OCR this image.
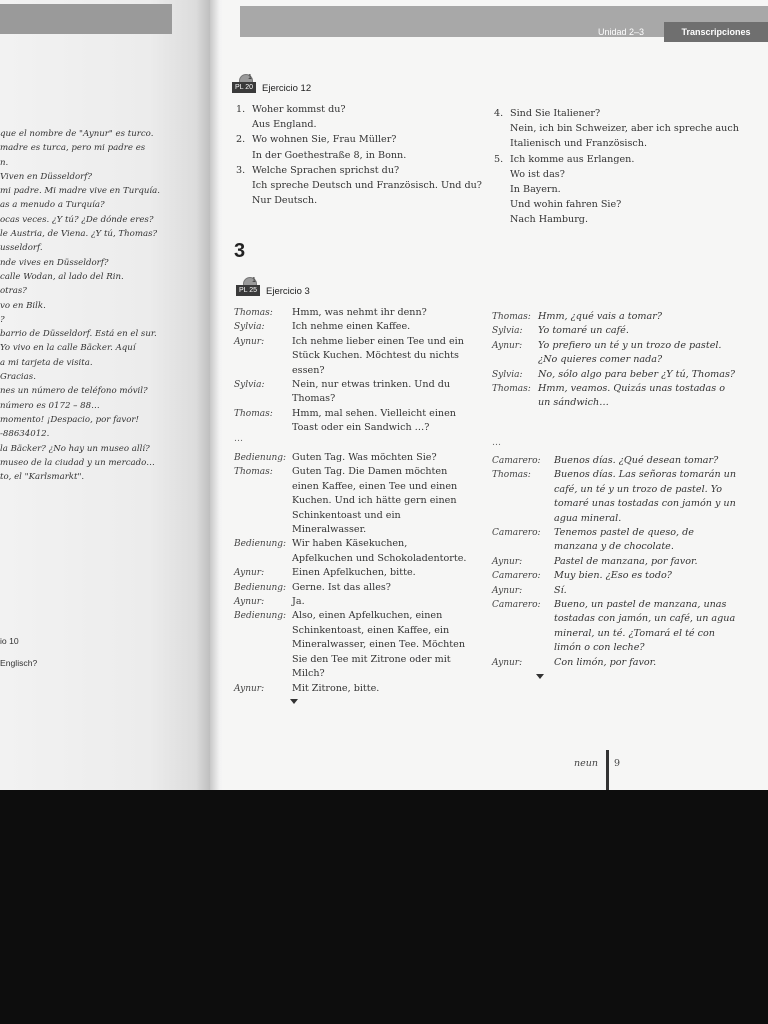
que el nombre de "Aynur" es turco.
madre es turca, pero mi padre es
n.
Viven en Düsseldorf?
mi padre. Mi madre vive en Turquía.
as a menudo a Turquía?
ocas veces. ¿Y tú? ¿De dónde eres?
le Austria, de Viena. ¿Y tú, Thomas?
usseldorf.
nde vives en Düsseldorf?
calle Wodan, al lado del Rin.
otras?
vo en Bilk.
?
barrio de Düsseldorf. Está en el sur.
Yo vivo en la calle Bäcker. Aquí
a mi tarjeta de visita.
Gracias.
nes un número de teléfono móvil?
número es 0172 – 88…
momento! ¡Despacio, por favor!
-88634012.
la Bäcker? ¿No hay un museo allí?
museo de la ciudad y un mercado…
to, el "Karlsmarkt".
io 10
Englisch?
Unidad 2–3	Transcripciones
1
PL 20 Ejercicio 12
1. Woher kommst du?
Aus England.
2. Wo wohnen Sie, Frau Müller?
In der Goethestraße 8, in Bonn.
3. Welche Sprachen sprichst du?
Ich spreche Deutsch und Französisch. Und du?
Nur Deutsch.
4. Sind Sie Italiener?
Nein, ich bin Schweizer, aber ich spreche auch
Italienisch und Französisch.
5. Ich komme aus Erlangen.
Wo ist das?
In Bayern.
Und wohin fahren Sie?
Nach Hamburg.
3
1
PL 25 Ejercicio 3
Thomas: Hmm, was nehmt ihr denn?
Sylvia:	Ich nehme einen Kaffee.
Aynur:	Ich nehme lieber einen Tee und ein Stück Kuchen. Möchtest du nichts essen?
Sylvia:	Nein, nur etwas trinken. Und du Thomas?
Thomas: Hmm, mal sehen. Vielleicht einen Toast oder ein Sandwich …?
…
Bedienung: Guten Tag. Was möchten Sie?
Thomas: Guten Tag. Die Damen möchten einen Kaffee, einen Tee und einen Kuchen. Und ich hätte gern einen Schinkentoast und ein Mineralwasser.
Bedienung: Wir haben Käsekuchen, Apfelkuchen und Schokoladentorte.
Aynur:	Einen Apfelkuchen, bitte.
Bedienung: Gerne. Ist das alles?
Aynur:	Ja.
Bedienung: Also, einen Apfelkuchen, einen Schinkentoast, einen Kaffee, ein Mineralwasser, einen Tee. Möchten Sie den Tee mit Zitrone oder mit Milch?
Aynur:	Mit Zitrone, bitte.
Thomas: Hmm, ¿qué vais a tomar?
Sylvia: Yo tomaré un café.
Aynur: Yo prefiero un té y un trozo de pastel. ¿No quieres comer nada?
Sylvia: No, sólo algo para beber ¿Y tú, Thomas?
Thomas: Hmm, veamos. Quizás unas tostadas o un sándwich…
…
Camarero: Buenos días. ¿Qué desean tomar?
Thomas: Buenos días. Las señoras tomarán un café, un té y un trozo de pastel. Yo tomaré unas tostadas con jamón y un agua mineral.
Camarero: Tenemos pastel de queso, de manzana y de chocolate.
Aynur:	Pastel de manzana, por favor.
Camarero: Muy bien. ¿Eso es todo?
Aynur:	Sí.
Camarero: Bueno, un pastel de manzana, unas tostadas con jamón, un café, un agua mineral, un té. ¿Tomará el té con limón o con leche?
Aynur:	Con limón, por favor.
neun 9
